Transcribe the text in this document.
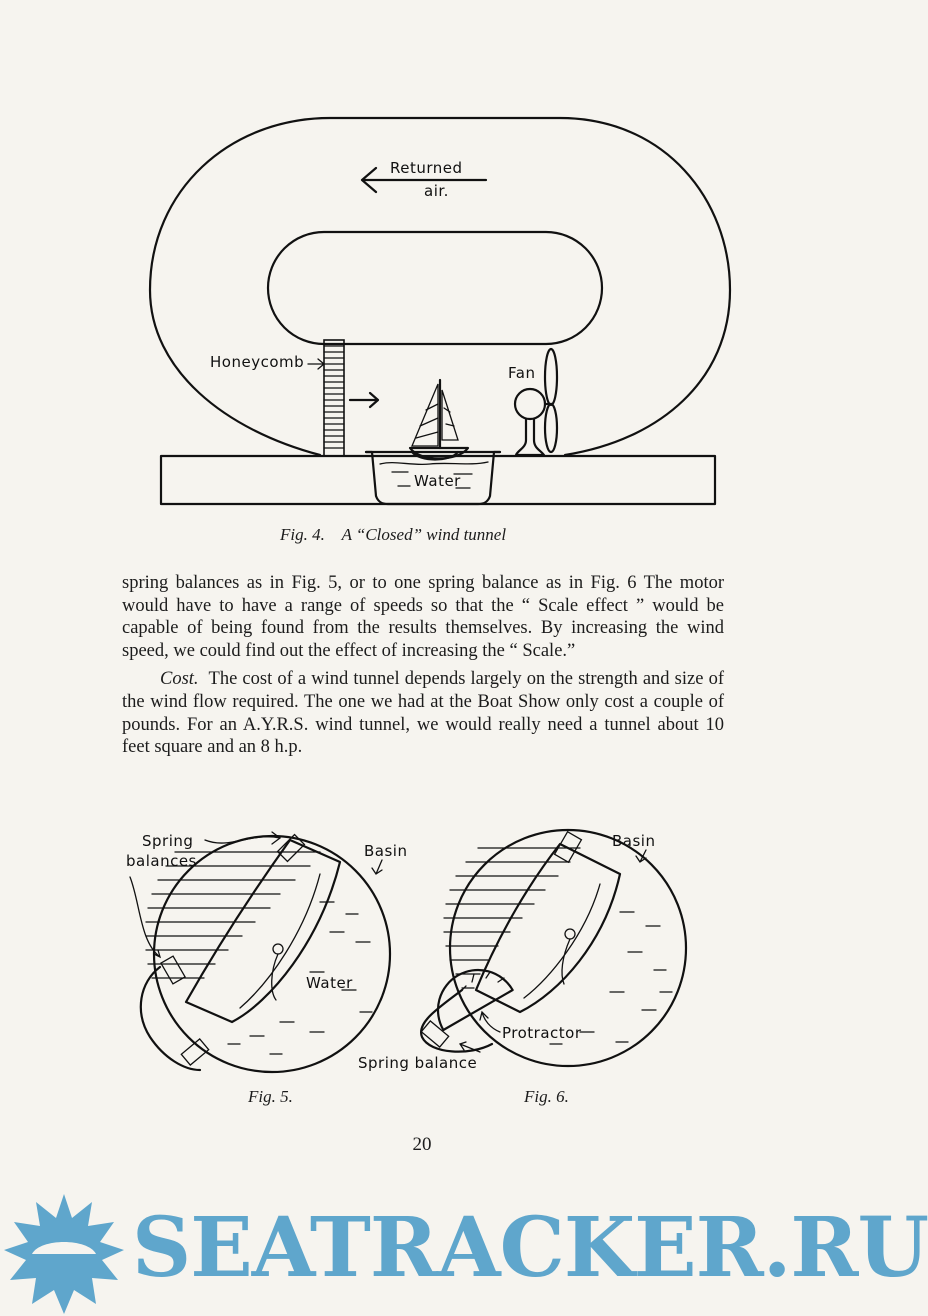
Returned
air.
Honeycomb
Fan
Water

Fig. 4. A “Closed” wind tunnel

spring balances as in Fig. 5, or to one spring balance as in Fig. 6 The motor would have to have a range of speeds so that the “ Scale effect ” would be capable of being found from the results themselves. By increasing the wind speed, we could find out the effect of increasing the “ Scale.”

Cost. The cost of a wind tunnel depends largely on the strength and size of the wind flow required. The one we had at the Boat Show only cost a couple of pounds. For an A.Y.R.S. wind tunnel, we would really need a tunnel about 10 feet square and an 8 h.p.

Spring
balances
Basin
Water
Basin
Protractor
Spring balance

Fig. 5.	Fig. 6.

20
SEATRACKER.RU
